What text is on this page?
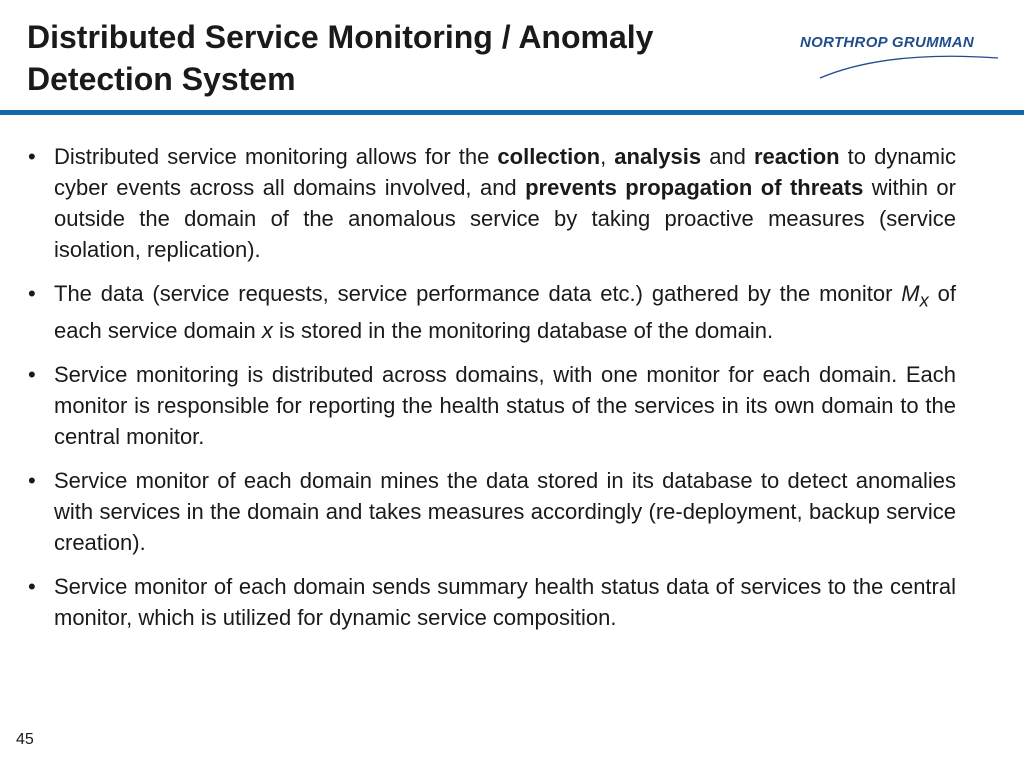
Distributed Service Monitoring / Anomaly
Detection System
NORTHROP GRUMMAN
• Distributed service monitoring allows for the collection, analysis and reaction to dynamic cyber events across all domains involved, and prevents propagation of threats within or outside the domain of the anomalous service by taking proactive measures (service isolation, replication).
• The data (service requests, service performance data etc.) gathered by the monitor $M_x$ of each service domain x is stored in the monitoring database of the domain.
• Service monitoring is distributed across domains, with one monitor for each domain. Each monitor is responsible for reporting the health status of the services in its own domain to the central monitor.
• Service monitor of each domain mines the data stored in its database to detect anomalies with services in the domain and takes measures accordingly (re-deployment, backup service creation).
• Service monitor of each domain sends summary health status data of services to the central monitor, which is utilized for dynamic service composition.
45
